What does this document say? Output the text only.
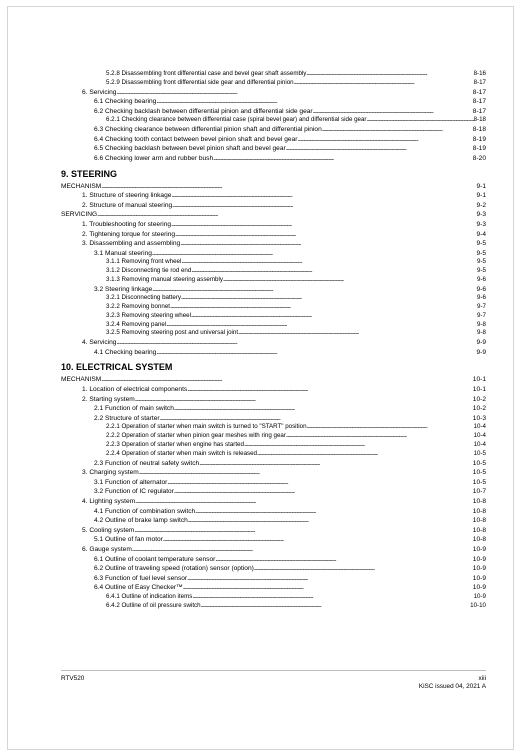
5.2.8 Disassembling front differential case and bevel gear shaft assembly . . .	8-16
5.2.9 Disassembling front differential side gear and differential pinion . . .	8-17
6. Servicing . . .	8-17
6.1 Checking bearing . . .	8-17
6.2 Checking backlash between differential pinion and differential side gear . . .	8-17
6.2.1 Checking clearance between differential case (spiral bevel gear) and differential side gear . . .	8-18
6.3 Checking clearance between differential pinion shaft and differential pinion . . .	8-18
6.4 Checking tooth contact between bevel pinion shaft and bevel gear . . .	8-19
6.5 Checking backlash between bevel pinion shaft and bevel gear . . .	8-19
6.6 Checking lower arm and rubber bush . . .	8-20
9. STEERING
MECHANISM . . .	9-1
1. Structure of steering linkage . . .	9-1
2. Structure of manual steering . . .	9-2
SERVICING . . .	9-3
1. Troubleshooting for steering . . .	9-3
2. Tightening torque for steering . . .	9-4
3. Disassembling and assembling . . .	9-5
3.1 Manual steering . . .	9-5
3.1.1 Removing front wheel . . .	9-5
3.1.2 Disconnecting tie rod end . . .	9-5
3.1.3 Removing manual steering assembly . . .	9-6
3.2 Steering linkage . . .	9-6
3.2.1 Disconnecting battery . . .	9-6
3.2.2 Removing bonnet . . .	9-7
3.2.3 Removing steering wheel . . .	9-7
3.2.4 Removing panel . . .	9-8
3.2.5 Removing steering post and universal joint . . .	9-8
4. Servicing . . .	9-9
4.1 Checking bearing . . .	9-9
10. ELECTRICAL SYSTEM
MECHANISM . . .	10-1
1. Location of electrical components . . .	10-1
2. Starting system . . .	10-2
2.1 Function of main switch . . .	10-2
2.2 Structure of starter . . .	10-3
2.2.1 Operation of starter when main switch is turned to "START" position . . .	10-4
2.2.2 Operation of starter when pinion gear meshes with ring gear . . .	10-4
2.2.3 Operation of starter when engine has started . . .	10-4
2.2.4 Operation of starter when main switch is released . . .	10-5
2.3 Function of neutral safety switch . . .	10-5
3. Charging system . . .	10-5
3.1 Function of alternator . . .	10-5
3.2 Function of IC regulator . . .	10-7
4. Lighting system . . .	10-8
4.1 Function of combination switch . . .	10-8
4.2 Outline of brake lamp switch . . .	10-8
5. Cooling system . . .	10-8
5.1 Outline of fan motor . . .	10-8
6. Gauge system . . .	10-9
6.1 Outline of coolant temperature sensor . . .	10-9
6.2 Outline of traveling speed (rotation) sensor (option) . . .	10-9
6.3 Function of fuel level sensor . . .	10-9
6.4 Outline of Easy Checker™ . . .	10-9
6.4.1 Outline of indication items . . .	10-9
6.4.2 Outline of oil pressure switch . . .	10-10
RTV520	xiii
KiSC issued 04, 2021 A
